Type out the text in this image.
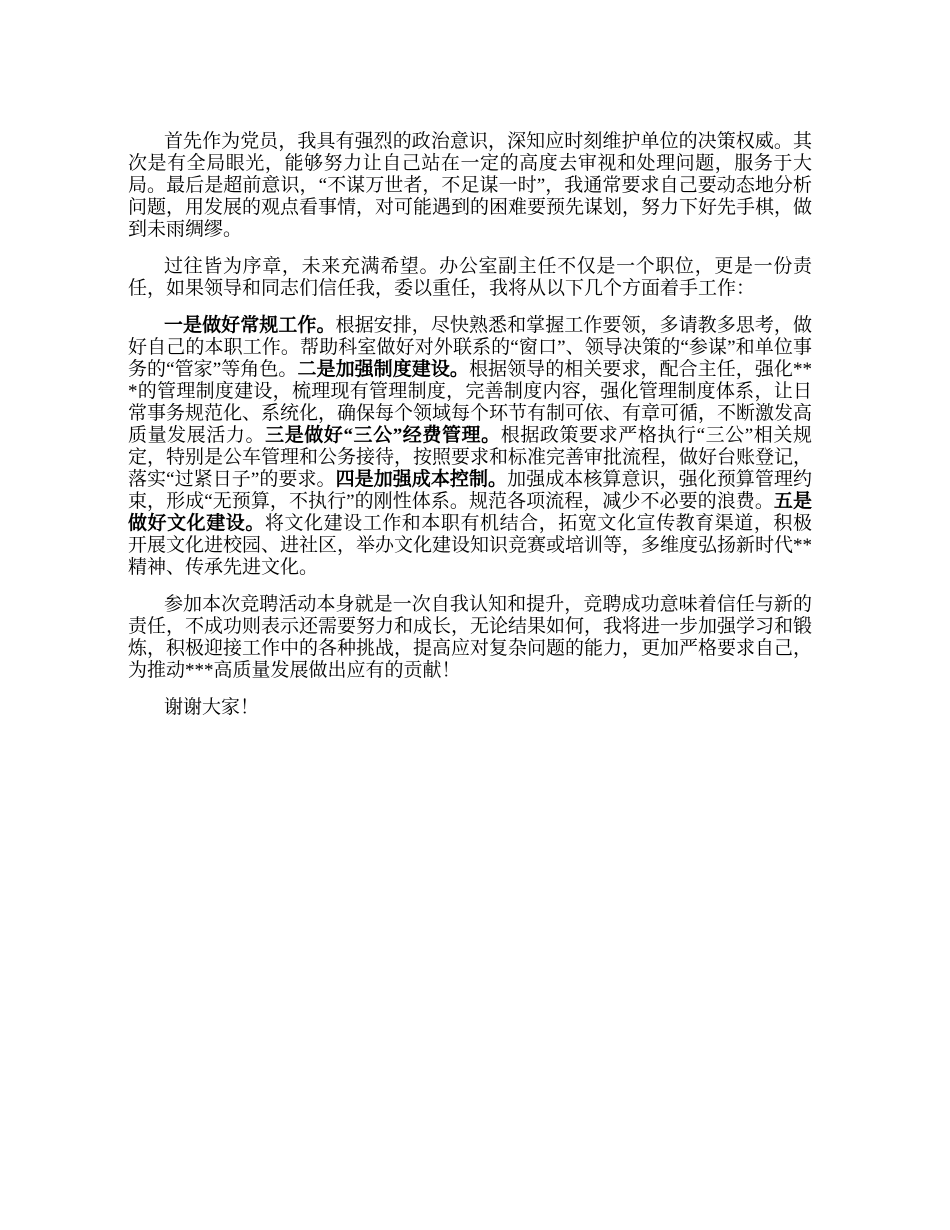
首先作为党员，我具有强烈的政治意识，深知应时刻维护单位的决策权威。其次是有全局眼光，能够努力让自己站在一定的高度去审视和处理问题，服务于大局。最后是超前意识，“不谋万世者，不足谋一时”，我通常要求自己要动态地分析问题，用发展的观点看事情，对可能遇到的困难要预先谋划，努力下好先手棋，做到未雨绸缪。

过往皆为序章，未来充满希望。办公室副主任不仅是一个职位，更是一份责任，如果领导和同志们信任我，委以重任，我将从以下几个方面着手工作：

一是做好常规工作。根据安排，尽快熟悉和掌握工作要领，多请教多思考，做好自己的本职工作。帮助科室做好对外联系的“窗口”、领导决策的“参谋”和单位事务的“管家”等角色。二是加强制度建设。根据领导的相关要求，配合主任，强化***的管理制度建设，梳理现有管理制度，完善制度内容，强化管理制度体系，让日常事务规范化、系统化，确保每个领域每个环节有制可依、有章可循，不断激发高质量发展活力。三是做好“三公”经费管理。根据政策要求严格执行“三公”相关规定，特别是公车管理和公务接待，按照要求和标准完善审批流程，做好台账登记，落实“过紧日子”的要求。四是加强成本控制。加强成本核算意识，强化预算管理约束，形成“无预算，不执行”的刚性体系。规范各项流程，减少不必要的浪费。五是做好文化建设。将文化建设工作和本职有机结合，拓宽文化宣传教育渠道，积极开展文化进校园、进社区，举办文化建设知识竞赛或培训等，多维度弘扬新时代**精神、传承先进文化。

参加本次竞聘活动本身就是一次自我认知和提升，竞聘成功意味着信任与新的责任，不成功则表示还需要努力和成长，无论结果如何，我将进一步加强学习和锻炼，积极迎接工作中的各种挑战，提高应对复杂问题的能力，更加严格要求自己，为推动***高质量发展做出应有的贡献！

谢谢大家！
